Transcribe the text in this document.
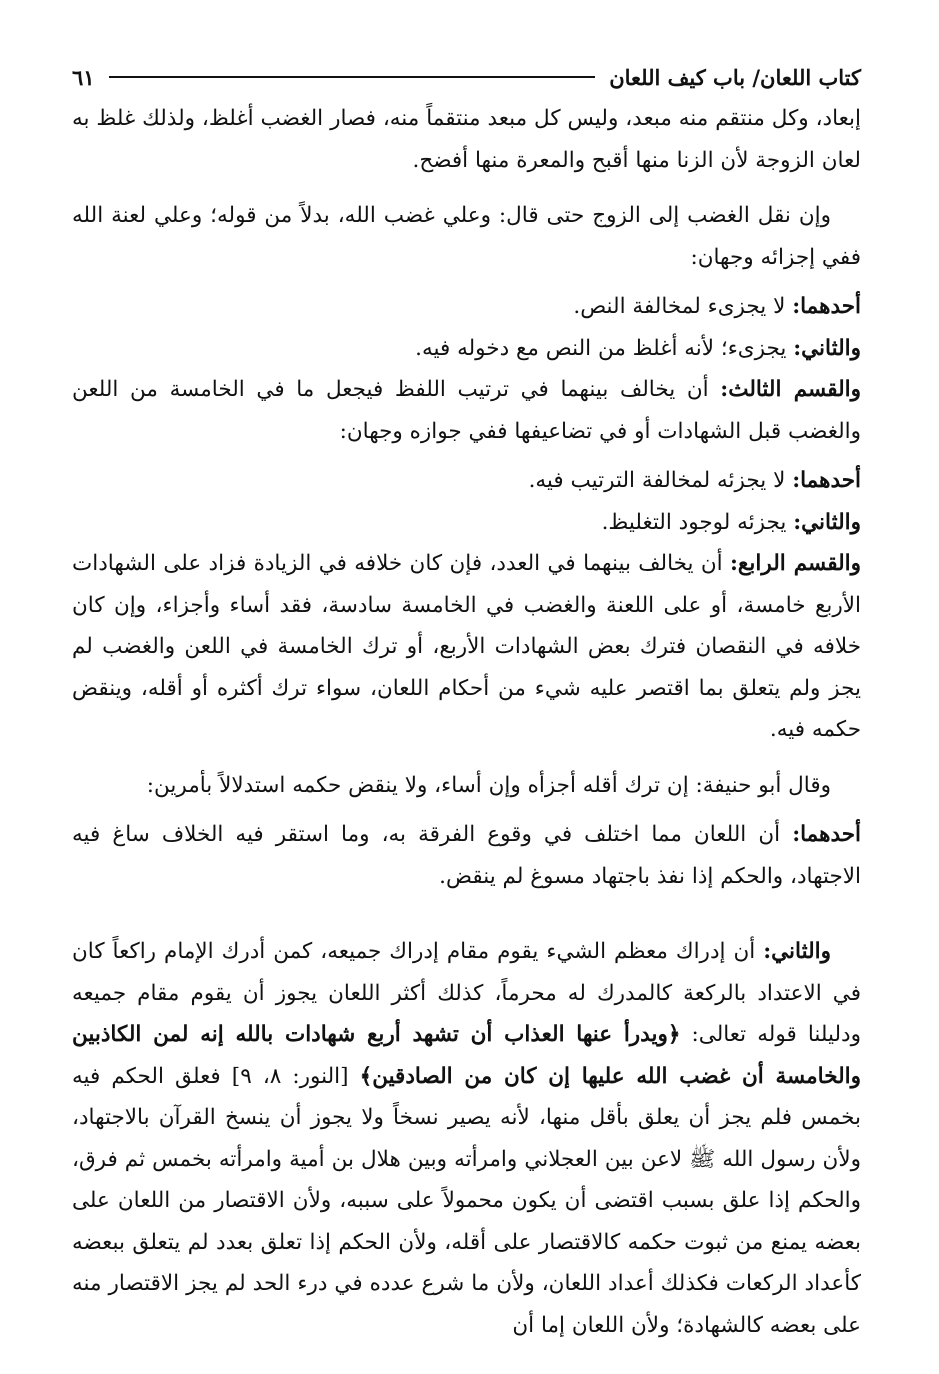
كتاب اللعان/ باب كيف اللعان
٦١

إبعاد، وكل منتقم منه مبعد، وليس كل مبعد منتقماً منه، فصار الغضب أغلظ، ولذلك غلظ به لعان الزوجة لأن الزنا منها أقبح والمعرة منها أفضح.

وإن نقل الغضب إلى الزوج حتى قال: وعلي غضب الله، بدلاً من قوله؛ وعلي لعنة الله ففي إجزائه وجهان:

أحدهما: لا يجزىء لمخالفة النص.

والثاني: يجزىء؛ لأنه أغلظ من النص مع دخوله فيه.

والقسم الثالث: أن يخالف بينهما في ترتيب اللفظ فيجعل ما في الخامسة من اللعن والغضب قبل الشهادات أو في تضاعيفها ففي جوازه وجهان:

أحدهما: لا يجزئه لمخالفة الترتيب فيه.

والثاني: يجزئه لوجود التغليظ.

والقسم الرابع: أن يخالف بينهما في العدد، فإن كان خلافه في الزيادة فزاد على الشهادات الأربع خامسة، أو على اللعنة والغضب في الخامسة سادسة، فقد أساء وأجزاء، وإن كان خلافه في النقصان فترك بعض الشهادات الأربع، أو ترك الخامسة في اللعن والغضب لم يجز ولم يتعلق بما اقتصر عليه شيء من أحكام اللعان، سواء ترك أكثره أو أقله، وينقض حكمه فيه.

وقال أبو حنيفة: إن ترك أقله أجزأه وإن أساء، ولا ينقض حكمه استدلالاً بأمرين:

أحدهما: أن اللعان مما اختلف في وقوع الفرقة به، وما استقر فيه الخلاف ساغ فيه الاجتهاد، والحكم إذا نفذ باجتهاد مسوغ لم ينقض.

والثاني: أن إدراك معظم الشيء يقوم مقام إدراك جميعه، كمن أدرك الإمام راكعاً كان في الاعتداد بالركعة كالمدرك له محرماً، كذلك أكثر اللعان يجوز أن يقوم مقام جميعه ودليلنا قوله تعالى: ﴿ويدرأ عنها العذاب أن تشهد أربع شهادات بالله إنه لمن الكاذبين والخامسة أن غضب الله عليها إن كان من الصادقين﴾ [النور: ٨، ٩] فعلق الحكم فيه بخمس فلم يجز أن يعلق بأقل منها، لأنه يصير نسخاً ولا يجوز أن ينسخ القرآن بالاجتهاد، ولأن رسول الله ﷺ لاعن بين العجلاني وامرأته وبين هلال بن أمية وامرأته بخمس ثم فرق، والحكم إذا علق بسبب اقتضى أن يكون محمولاً على سببه، ولأن الاقتصار من اللعان على بعضه يمنع من ثبوت حكمه كالاقتصار على أقله، ولأن الحكم إذا تعلق بعدد لم يتعلق ببعضه كأعداد الركعات فكذلك أعداد اللعان، ولأن ما شرع عدده في درء الحد لم يجز الاقتصار منه على بعضه كالشهادة؛ ولأن اللعان إما أن
